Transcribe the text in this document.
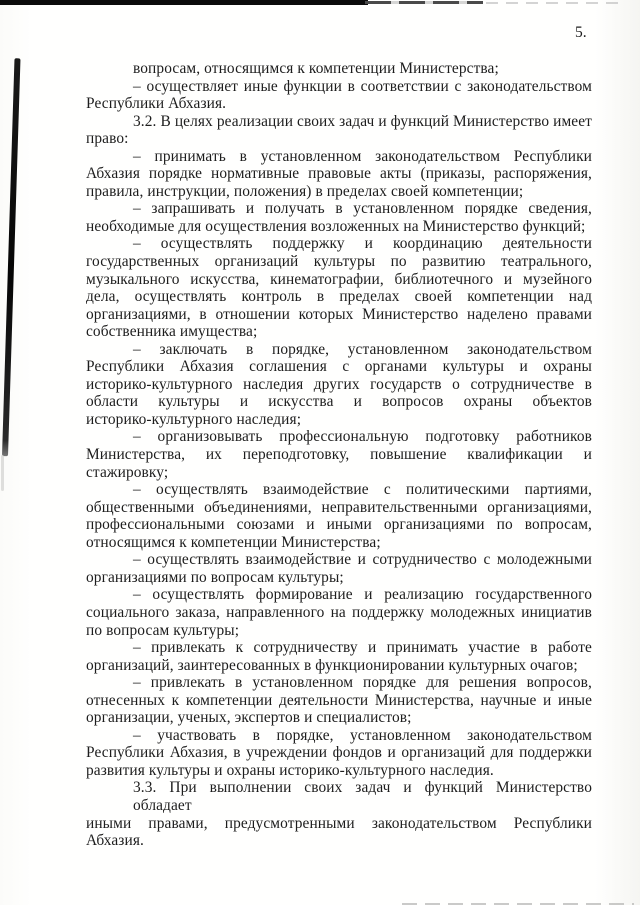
5.
вопросам, относящимся к компетенции Министерства;
– осуществляет иные функции в соответствии с законодательством
Республики Абхазия.
3.2. В целях реализации своих задач и функций Министерство имеет
право:
– принимать в установленном законодательством Республики
Абхазия порядке нормативные правовые акты (приказы, распоряжения,
правила, инструкции, положения) в пределах своей компетенции;
– запрашивать и получать в установленном порядке сведения,
необходимые для осуществления возложенных на Министерство функций;
– осуществлять поддержку и координацию деятельности
государственных организаций культуры по развитию театрального,
музыкального искусства, кинематографии, библиотечного и музейного
дела, осуществлять контроль в пределах своей компетенции над
организациями, в отношении которых Министерство наделено правами
собственника имущества;
– заключать в порядке, установленном законодательством
Республики Абхазия соглашения с органами культуры и охраны
историко-культурного наследия других государств о сотрудничестве в
области культуры и искусства и вопросов охраны объектов
историко-культурного наследия;
– организовывать профессиональную подготовку работников
Министерства, их переподготовку, повышение квалификации и
стажировку;
– осуществлять взаимодействие с политическими партиями,
общественными объединениями, неправительственными организациями,
профессиональными союзами и иными организациями по вопросам,
относящимся к компетенции Министерства;
– осуществлять взаимодействие и сотрудничество с молодежными
организациями по вопросам культуры;
– осуществлять формирование и реализацию государственного
социального заказа, направленного на поддержку молодежных инициатив
по вопросам культуры;
– привлекать к сотрудничеству и принимать участие в работе
организаций, заинтересованных в функционировании культурных очагов;
– привлекать в установленном порядке для решения вопросов,
отнесенных к компетенции деятельности Министерства, научные и иные
организации, ученых, экспертов и специалистов;
– участвовать в порядке, установленном законодательством
Республики Абхазия, в учреждении фондов и организаций для поддержки
развития культуры и охраны историко-культурного наследия.
3.3. При выполнении своих задач и функций Министерство обладает
иными правами, предусмотренными законодательством Республики
Абхазия.
